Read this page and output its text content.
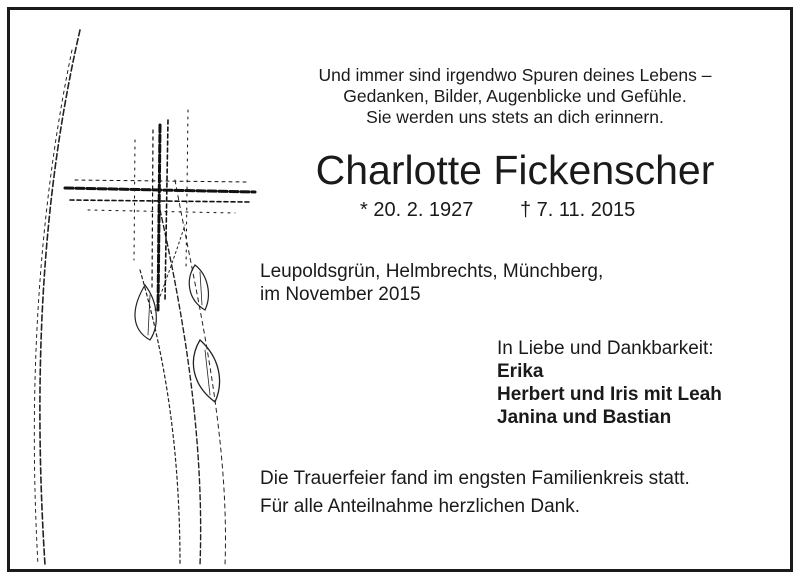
Und immer sind irgendwo Spuren deines Lebens –
Gedanken, Bilder, Augenblicke und Gefühle.
Sie werden uns stets an dich erinnern.
Charlotte Fickenscher
* 20. 2. 1927 † 7. 11. 2015
Leupoldsgrün, Helmbrechts, Münchberg,
im November 2015
In Liebe und Dankbarkeit:
Erika
Herbert und Iris mit Leah
Janina und Bastian
Die Trauerfeier fand im engsten Familienkreis statt.
Für alle Anteilnahme herzlichen Dank.
